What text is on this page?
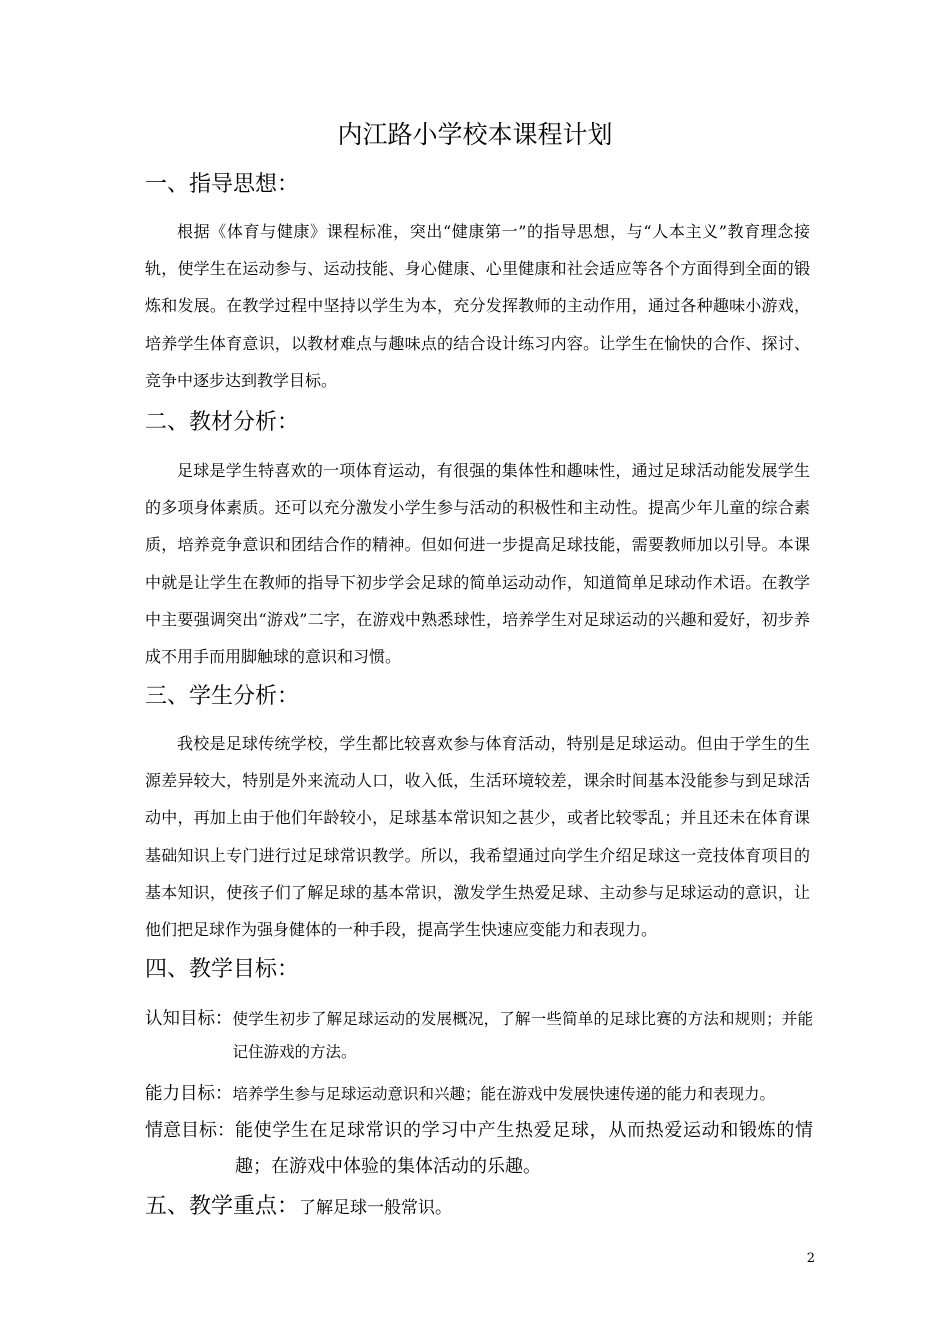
内江路小学校本课程计划
一、指导思想：

根据《体育与健康》课程标准，突出“健康第一”的指导思想，与“人本主义”教育理念接轨，使学生在运动参与、运动技能、身心健康、心里健康和社会适应等各个方面得到全面的锻炼和发展。在教学过程中坚持以学生为本，充分发挥教师的主动作用，通过各种趣味小游戏，培养学生体育意识，以教材难点与趣味点的结合设计练习内容。让学生在愉快的合作、探讨、竞争中逐步达到教学目标。

二、教材分析：

足球是学生特喜欢的一项体育运动，有很强的集体性和趣味性，通过足球活动能发展学生的多项身体素质。还可以充分激发小学生参与活动的积极性和主动性。提高少年儿童的综合素质，培养竞争意识和团结合作的精神。但如何进一步提高足球技能，需要教师加以引导。本课中就是让学生在教师的指导下初步学会足球的简单运动动作，知道简单足球动作术语。在教学中主要强调突出“游戏”二字，在游戏中熟悉球性，培养学生对足球运动的兴趣和爱好，初步养成不用手而用脚触球的意识和习惯。

三、学生分析：

我校是足球传统学校，学生都比较喜欢参与体育活动，特别是足球运动。但由于学生的生源差异较大，特别是外来流动人口，收入低，生活环境较差，课余时间基本没能参与到足球活动中，再加上由于他们年龄较小，足球基本常识知之甚少，或者比较零乱；并且还未在体育课基础知识上专门进行过足球常识教学。所以，我希望通过向学生介绍足球这一竞技体育项目的基本知识，使孩子们了解足球的基本常识，激发学生热爱足球、主动参与足球运动的意识，让他们把足球作为强身健体的一种手段，提高学生快速应变能力和表现力。

四、教学目标：
认知目标： 使学生初步了解足球运动的发展概况，了解一些简单的足球比赛的方法和规则；并能记住游戏的方法。
能力目标： 培养学生参与足球运动意识和兴趣；能在游戏中发展快速传递的能力和表现力。
情意目标： 能使学生在足球常识的学习中产生热爱足球，从而热爱运动和锻炼的情趣；在游戏中体验的集体活动的乐趣。
五、教学重点： 了解足球一般常识。

2
